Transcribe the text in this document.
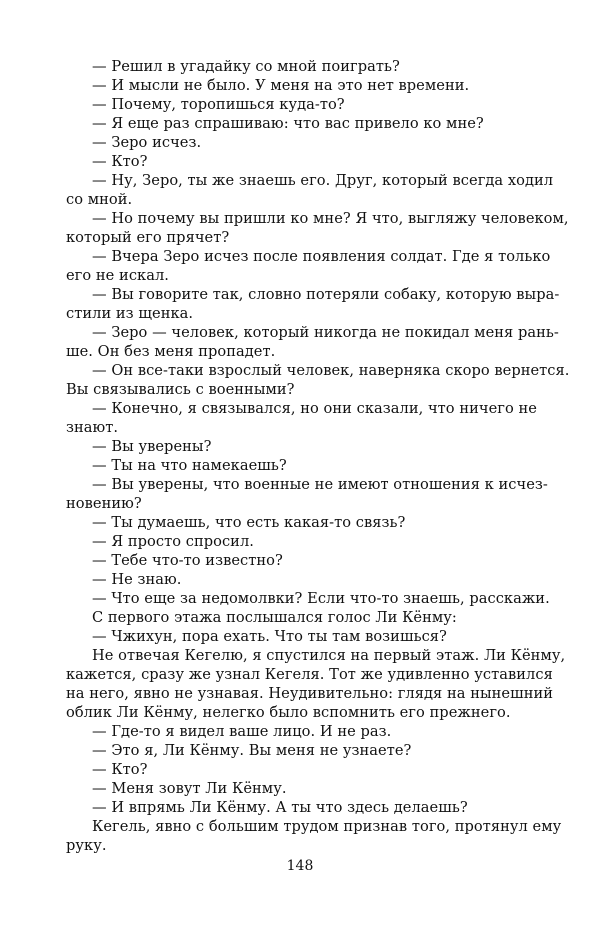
— Решил в угадайку со мной поиграть?
— И мысли не было. У меня на это нет времени.
— Почему, торопишься куда-то?
— Я еще раз спрашиваю: что вас привело ко мне?
— Зеро исчез.
— Кто?
— Ну, Зеро, ты же знаешь его. Друг, который всегда ходил
со мной.
— Но почему вы пришли ко мне? Я что, выгляжу человеком,
который его прячет?
— Вчера Зеро исчез после появления солдат. Где я только
его не искал.
— Вы говорите так, словно потеряли собаку, которую выра-
стили из щенка.
— Зеро — человек, который никогда не покидал меня рань-
ше. Он без меня пропадет.
— Он все-таки взрослый человек, наверняка скоро вернется.
Вы связывались с военными?
— Конечно, я связывался, но они сказали, что ничего не
знают.
— Вы уверены?
— Ты на что намекаешь?
— Вы уверены, что военные не имеют отношения к исчез-
новению?
— Ты думаешь, что есть какая-то связь?
— Я просто спросил.
— Тебе что-то известно?
— Не знаю.
— Что еще за недомолвки? Если что-то знаешь, расскажи.
С первого этажа послышался голос Ли Кёнму:
— Чжихун, пора ехать. Что ты там возишься?
Не отвечая Кегелю, я спустился на первый этаж. Ли Кёнму,
кажется, сразу же узнал Кегеля. Тот же удивленно уставился
на него, явно не узнавая. Неудивительно: глядя на нынешний
облик Ли Кёнму, нелегко было вспомнить его прежнего.
— Где-то я видел ваше лицо. И не раз.
— Это я, Ли Кёнму. Вы меня не узнаете?
— Кто?
— Меня зовут Ли Кёнму.
— И впрямь Ли Кёнму. А ты что здесь делаешь?
Кегель, явно с большим трудом признав того, протянул ему
руку.
148
